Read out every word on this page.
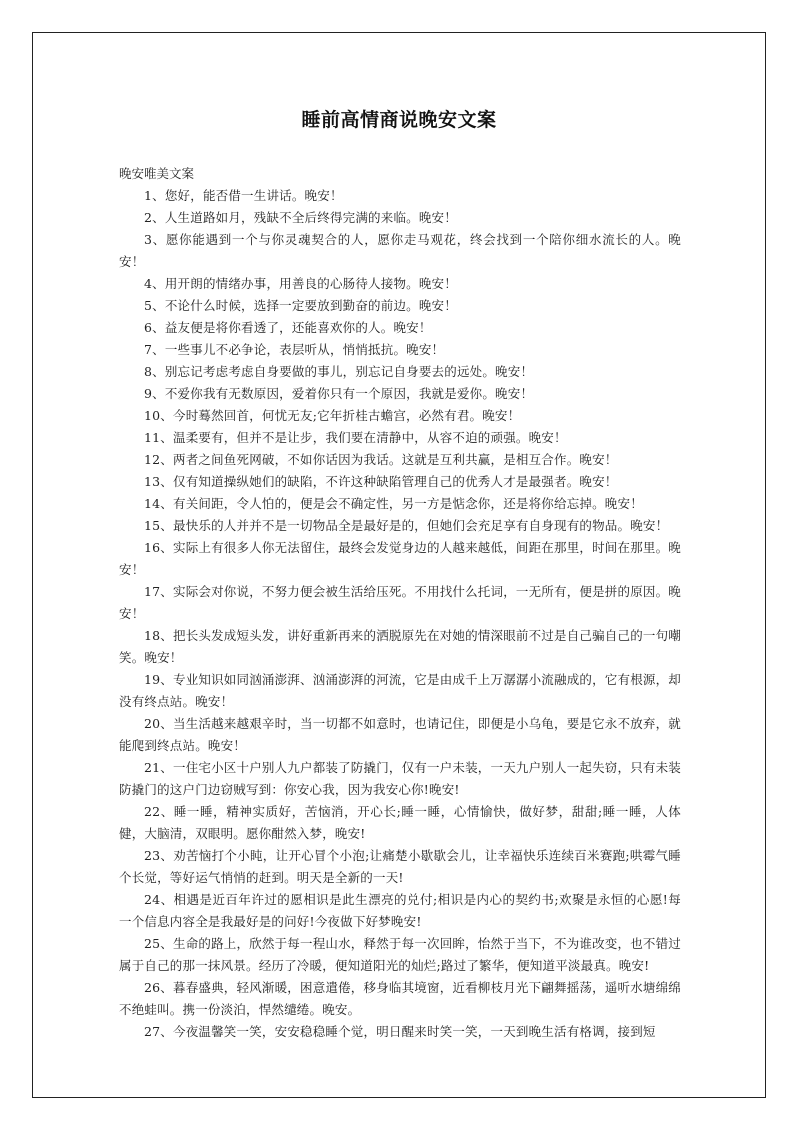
睡前高情商说晚安文案
晚安唯美文案
1、您好，能否借一生讲话。晚安！
2、人生道路如月，残缺不全后终得完满的来临。晚安！
3、愿你能遇到一个与你灵魂契合的人，愿你走马观花，终会找到一个陪你细水流长的人。晚安！
4、用开朗的情绪办事，用善良的心肠待人接物。晚安！
5、不论什么时候，选择一定要放到勤奋的前边。晚安！
6、益友便是将你看透了，还能喜欢你的人。晚安！
7、一些事儿不必争论，表层听从，悄悄抵抗。晚安！
8、别忘记考虑考虑自身要做的事儿，别忘记自身要去的远处。晚安！
9、不爱你我有无数原因，爱着你只有一个原因，我就是爱你。晚安！
10、今时蓦然回首，何忧无友;它年折桂古蟾宫，必然有君。晚安！
11、温柔要有，但并不是让步，我们要在清静中，从容不迫的顽强。晚安！
12、两者之间鱼死网破，不如你话因为我话。这就是互利共赢，是相互合作。晚安！
13、仅有知道操纵她们的缺陷，不许这种缺陷管理自己的优秀人才是最强者。晚安！
14、有关间距，令人怕的，便是会不确定性，另一方是惦念你，还是将你给忘掉。晚安！
15、最快乐的人并并不是一切物品全是最好是的，但她们会充足享有自身现有的物品。晚安！
16、实际上有很多人你无法留住，最终会发觉身边的人越来越低，间距在那里，时间在那里。晚安！
17、实际会对你说，不努力便会被生活给压死。不用找什么托词，一无所有，便是拼的原因。晚安！
18、把长头发成短头发，讲好重新再来的洒脱原先在对她的情深眼前不过是自己骗自己的一句嘲笑。晚安！
19、专业知识如同汹涌澎湃、汹涌澎湃的河流，它是由成千上万潺潺小流融成的，它有根源，却没有终点站。晚安！
20、当生活越来越艰辛时，当一切都不如意时，也请记住，即便是小乌龟，要是它永不放弃，就能爬到终点站。晚安！
21、一住宅小区十户别人九户都装了防撬门，仅有一户未装，一天九户别人一起失窃，只有未装防撬门的这户门边窃贼写到：你安心我，因为我安心你!晚安!
22、睡一睡，精神实质好，苦恼消，开心长;睡一睡，心情愉快，做好梦，甜甜;睡一睡，人体健，大脑清，双眼明。愿你酣然入梦，晚安!
23、劝苦恼打个小盹，让开心冒个小泡;让痛楚小歇歇会儿，让幸福快乐连续百米赛跑;哄霉气睡个长觉，等好运气悄悄的赶到。明天是全新的一天!
24、相遇是近百年许过的愿相识是此生漂亮的兑付;相识是内心的契约书;欢聚是永恒的心愿!每一个信息内容全是我最好是的问好!今夜做下好梦晚安!
25、生命的路上，欣然于每一程山水，释然于每一次回眸，怡然于当下，不为谁改变，也不错过属于自己的那一抹风景。经历了冷暖，便知道阳光的灿烂;路过了繁华，便知道平淡最真。晚安!
26、暮春盛典，轻风渐暖，困意遣倦，移身临其境窗，近看柳枝月光下翩舞摇荡，遥听水塘绵绵不绝蛙叫。携一份淡泊，悍然缱绻。晚安。
27、今夜温馨笑一笑，安安稳稳睡个觉，明日醒来时笑一笑，一天到晚生活有格调，接到短
